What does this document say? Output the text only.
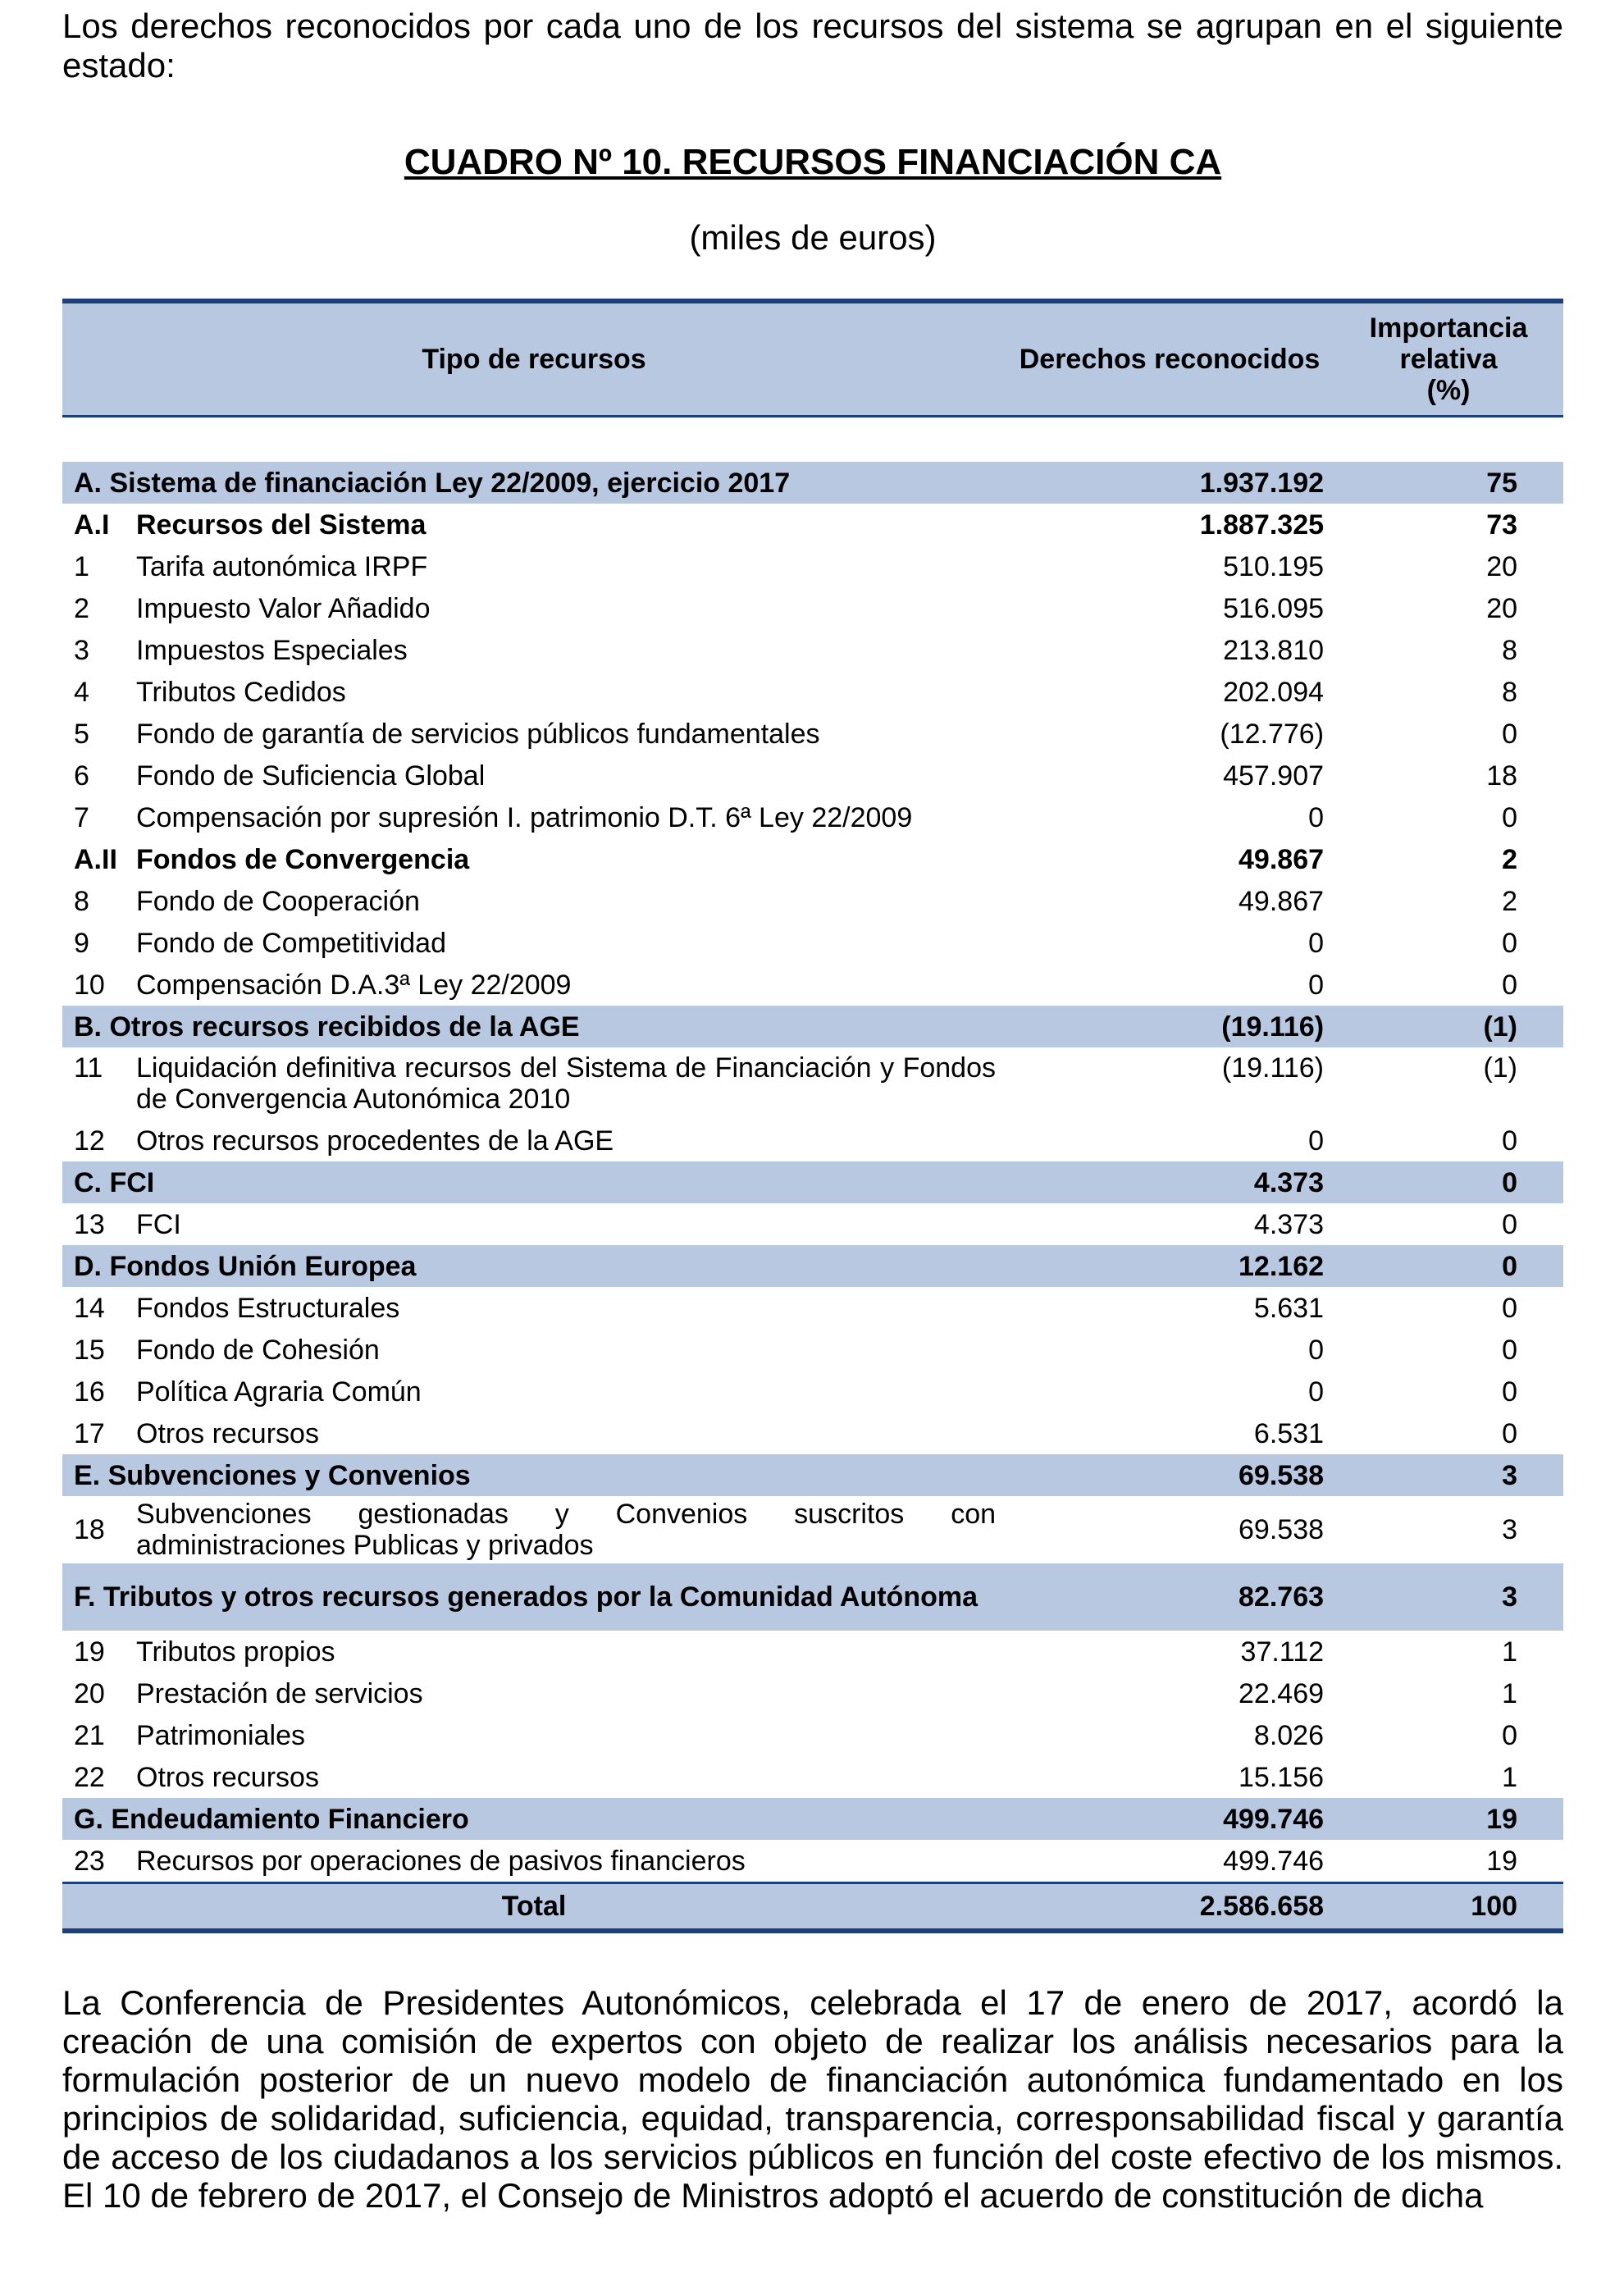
Los derechos reconocidos por cada uno de los recursos del sistema se agrupan en el siguiente estado:

CUADRO Nº 10. RECURSOS FINANCIACIÓN CA
(miles de euros)
Tipo de recursos		Derechos reconocidos	Importancia
relativa
(%)

A. Sistema de financiación Ley 22/2009, ejercicio 2017		1.937.192	75
A.I	Recursos del Sistema	1.887.325	73
1	Tarifa autonómica IRPF	510.195	20
2	Impuesto Valor Añadido	516.095	20
3	Impuestos Especiales	213.810	8
4	Tributos Cedidos	202.094	8
5	Fondo de garantía de servicios públicos fundamentales	(12.776)	0
6	Fondo de Suficiencia Global	457.907	18
7	Compensación por supresión I. patrimonio D.T. 6ª Ley 22/2009	0	0
A.II	Fondos de Convergencia	49.867	2
8	Fondo de Cooperación	49.867	2
9	Fondo de Competitividad	0	0
10	Compensación D.A.3ª Ley 22/2009	0	0
B. Otros recursos recibidos de la AGE		(19.116)	(1)
11	Liquidación definitiva recursos del Sistema de Financiación y Fondos de Convergencia Autonómica 2010	(19.116)	(1)
12	Otros recursos procedentes de la AGE	0	0
C. FCI		4.373	0
13	FCI	4.373	0
D. Fondos Unión Europea		12.162	0
14	Fondos Estructurales	5.631	0
15	Fondo de Cohesión	0	0
16	Política Agraria Común	0	0
17	Otros recursos	6.531	0
E. Subvenciones y Convenios		69.538	3
18	Subvenciones gestionadas y Convenios suscritos con administraciones Publicas y privados	69.538	3
F. Tributos y otros recursos generados por la Comunidad Autónoma		82.763	3
19	Tributos propios	37.112	1
20	Prestación de servicios	22.469	1
21	Patrimoniales	8.026	0
22	Otros recursos	15.156	1
G. Endeudamiento Financiero		499.746	19
23	Recursos por operaciones de pasivos financieros	499.746	19
Total		2.586.658	100

La Conferencia de Presidentes Autonómicos, celebrada el 17 de enero de 2017, acordó la creación de una comisión de expertos con objeto de realizar los análisis necesarios para la formulación posterior de un nuevo modelo de financiación autonómica fundamentado en los principios de solidaridad, suficiencia, equidad, transparencia, corresponsabilidad fiscal y garantía de acceso de los ciudadanos a los servicios públicos en función del coste efectivo de los mismos. El 10 de febrero de 2017, el Consejo de Ministros adoptó el acuerdo de constitución de dicha
